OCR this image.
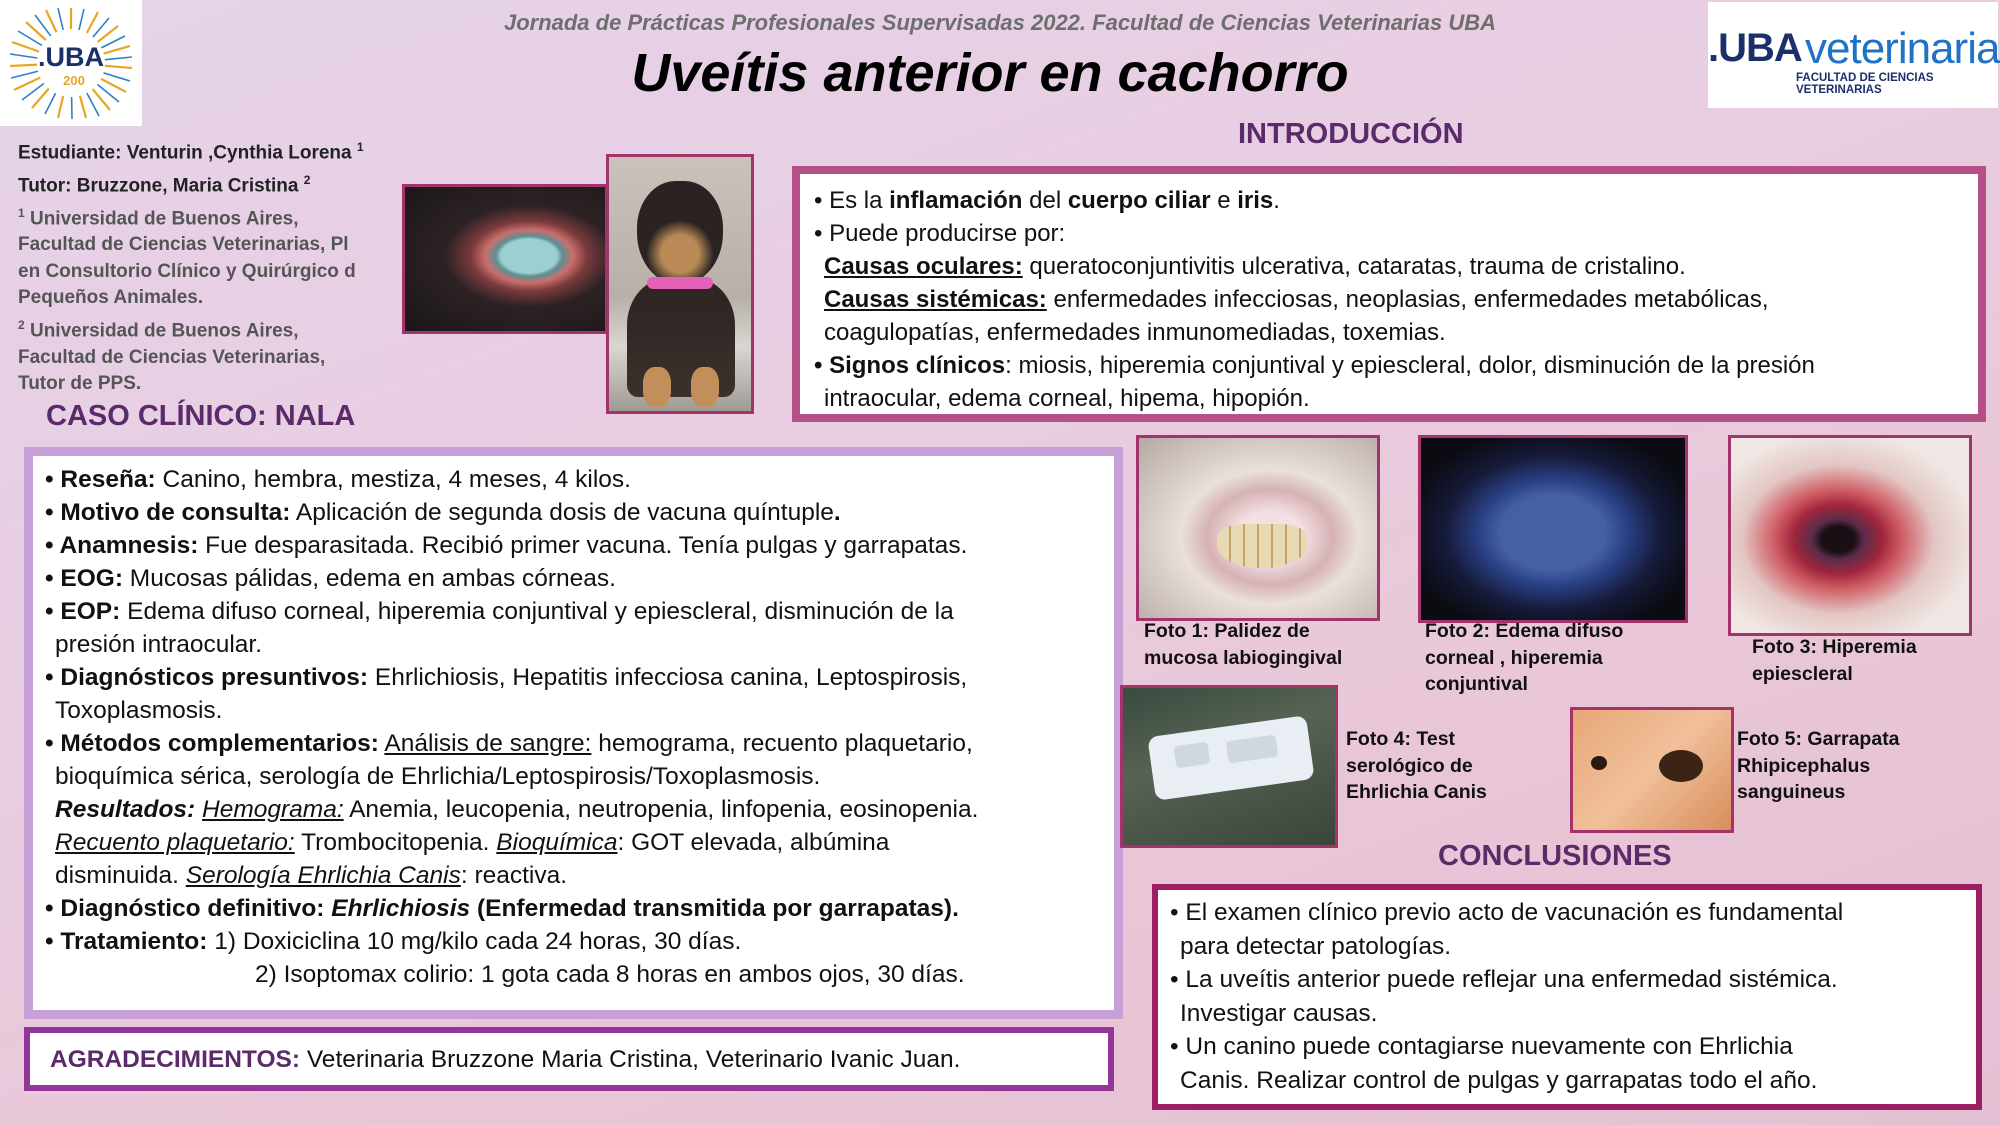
Jornada de Prácticas Profesionales Supervisadas 2022. Facultad de Ciencias Veterinarias UBA
Uveítis anterior en cachorro
.UBA
200
.UBA veterinaria
FACULTAD DE CIENCIAS VETERINARIAS
Estudiante: Venturin ,Cynthia Lorena $^1$
Tutor: Bruzzone, Maria Cristina $^2$
$^1$ Universidad de Buenos Aires,
Facultad de Ciencias Veterinarias, Pl
en Consultorio Clínico y Quirúrgico d
Pequeños Animales.
$^2$ Universidad de Buenos Aires,
Facultad de Ciencias Veterinarias,
Tutor de PPS.
INTRODUCCIÓN
CASO CLÍNICO: NALA
CONCLUSIONES

• Es la inflamación del cuerpo ciliar e iris.

• Puede producirse por:

Causas oculares: queratoconjuntivitis ulcerativa, cataratas, trauma de cristalino.

Causas sistémicas: enfermedades infecciosas, neoplasias, enfermedades metabólicas,

coagulopatías, enfermedades inmunomediadas, toxemias.

• Signos clínicos: miosis, hiperemia conjuntival y epiescleral, dolor, disminución de la presión

intraocular, edema corneal, hipema, hipopión.

• Reseña: Canino, hembra, mestiza, 4 meses, 4 kilos.

• Motivo de consulta: Aplicación de segunda dosis de vacuna quíntuple.

• Anamnesis: Fue desparasitada. Recibió primer vacuna. Tenía pulgas y garrapatas.

• EOG: Mucosas pálidas, edema en ambas córneas.

• EOP: Edema difuso corneal, hiperemia conjuntival y epiescleral, disminución de la

presión intraocular.

• Diagnósticos presuntivos: Ehrlichiosis, Hepatitis infecciosa canina, Leptospirosis,

Toxoplasmosis.

• Métodos complementarios: Análisis de sangre: hemograma, recuento plaquetario,

bioquímica sérica, serología de Ehrlichia/Leptospirosis/Toxoplasmosis.

Resultados: Hemograma: Anemia, leucopenia, neutropenia, linfopenia, eosinopenia.

Recuento plaquetario: Trombocitopenia. Bioquímica: GOT elevada, albúmina

disminuida. Serología Ehrlichia Canis: reactiva.

• Diagnóstico definitivo: Ehrlichiosis (Enfermedad transmitida por garrapatas).

• Tratamiento: 1) Doxiciclina 10 mg/kilo cada 24 horas, 30 días.

2) Isoptomax colirio: 1 gota cada 8 horas en ambos ojos, 30 días.

AGRADECIMIENTOS: Veterinaria Bruzzone Maria Cristina, Veterinario Ivanic Juan.

Foto 1: Palidez de
mucosa labiogingival
Foto 2: Edema difuso
corneal , hiperemia
conjuntival
Foto 3: Hiperemia
epiescleral
Foto 4: Test
serológico de
Ehrlichia Canis
Foto 5: Garrapata
Rhipicephalus
sanguineus

• El examen clínico previo acto de vacunación es fundamental

para detectar patologías.

• La uveítis anterior puede reflejar una enfermedad sistémica.

Investigar causas.

• Un canino puede contagiarse nuevamente con Ehrlichia

Canis. Realizar control de pulgas y garrapatas todo el año.
